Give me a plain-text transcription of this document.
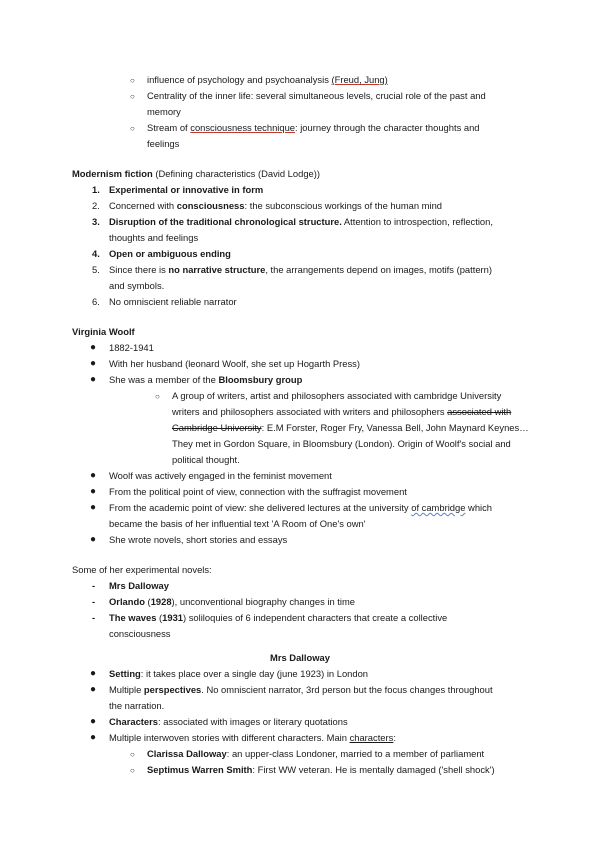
○ influence of psychology and psychoanalysis (Freud, Jung)
○ Centrality of the inner life: several simultaneous levels, crucial role of the past and
memory
○ Stream of consciousness technique: journey through the character thoughts and
feelings
Modernism fiction (Defining characteristics (David Lodge))
1. Experimental or innovative in form
2. Concerned with consciousness: the subconscious workings of the human mind
3. Disruption of the traditional chronological structure. Attention to introspection, reflection,
thoughts and feelings
4. Open or ambiguous ending
5. Since there is no narrative structure, the arrangements depend on images, motifs (pattern)
and symbols.
6. No omniscient reliable narrator
Virginia Woolf
● 1882-1941
● With her husband (leonard Woolf, she set up Hogarth Press)
● She was a member of the Bloomsbury group
○ A group of writers, artist and philosophers associated with cambridge University
writers and philosophers associated with writers and philosophers associated with
Cambridge University: E.M Forster, Roger Fry, Vanessa Bell, John Maynard Keynes…
They met in Gordon Square, in Bloomsbury (London). Origin of Woolf's social and
political thought.
● Woolf was actively engaged in the feminist movement
● From the political point of view, connection with the suffragist movement
● From the academic point of view: she delivered lectures at the university of cambridge which
became the basis of her influential text 'A Room of One's own'
● She wrote novels, short stories and essays
Some of her experimental novels:
- Mrs Dalloway
- Orlando (1928), unconventional biography changes in time
- The waves (1931) soliloquies of 6 independent characters that create a collective
consciousness
Mrs Dalloway
● Setting: it takes place over a single day (june 1923) in London
● Multiple perspectives. No omniscient narrator, 3rd person but the focus changes throughout
the narration.
● Characters: associated with images or literary quotations
● Multiple interwoven stories with different characters. Main characters:
○ Clarissa Dalloway: an upper-class Londoner, married to a member of parliament
○ Septimus Warren Smith: First WW veteran. He is mentally damaged ('shell shock')
